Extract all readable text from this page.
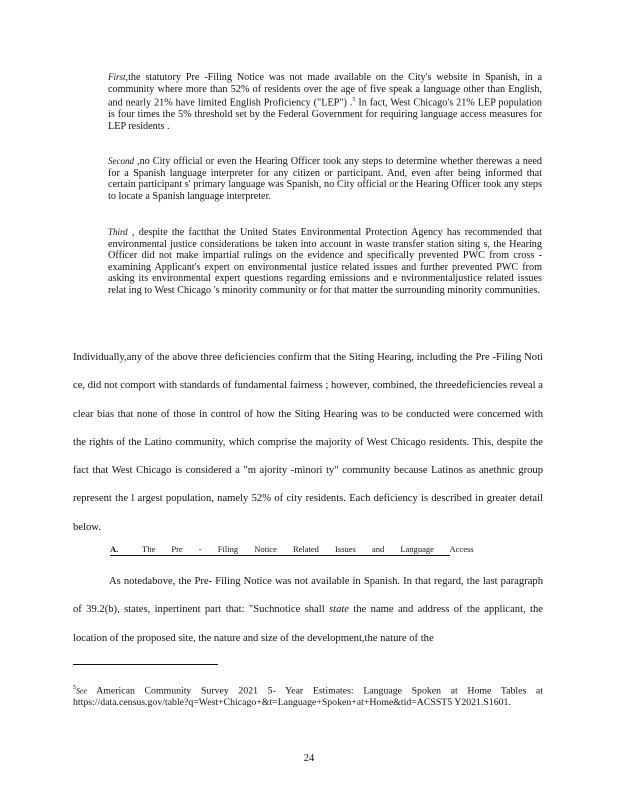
First,the statutory Pre -Filing Notice was not made available on the City's website in Spanish, in a community where more than 52% of residents over the age of five speak a language other than English, and nearly 21% have limited English Proficiency ("LEP") .$^5$ In fact, West Chicago's 21% LEP population is four times the 5% threshold set by the Federal Government for requiring language access measures for LEP residents .
Second ,no City official or even the Hearing Officer took any steps to determine whether therewas a need for a Spanish language interpreter for any citizen or participant. And, even after being informed that certain participant s' primary language was Spanish, no City official or the Hearing Officer took any steps to locate a Spanish language interpreter.
Third , despite the factthat the United States Environmental Protection Agency has recommended that environmental justice considerations be taken into account in waste transfer station siting s, the Hearing Officer did not make impartial rulings on the evidence and specifically prevented PWC from cross -examining Applicant's expert on environmental justice related issues and further prevented PWC from asking its environmental expert questions regarding emissions and e nvironmentaljustice related issues relat ing to West Chicago 's minority community or for that matter the surrounding minority communities.
Individually,any of the above three deficiencies confirm that the Siting Hearing, including the Pre -Filing Noti ce, did not comport with standards of fundamental fairness ; however, combined, the threedeficiencies reveal a clear bias that none of those in control of how the Siting Hearing was to be conducted were concerned with the rights of the Latino community, which comprise the majority of West Chicago residents. This, despite the fact that West Chicago is considered a "m ajority -minori ty" community because Latinos as anethnic group represent the l argest population, namely 52% of city residents. Each deficiency is described in greater detail below.
A.	The Pre - Filing Notice Related Issues and Language Access
As notedabove, the Pre- Filing Notice was not available in Spanish. In that regard, the last paragraph of 39.2(b), states, inpertinent part that: "Suchnotice shall state the name and address of the applicant, the location of the proposed site, the nature and size of the development,the nature of the
$^5$See American Community Survey 2021 5- Year Estimates: Language Spoken at Home Tables at https://data.census.gov/table?q=West+Chicago+&t=Language+Spoken+at+Home&tid=ACSST5 Y2021.S1601.
24
